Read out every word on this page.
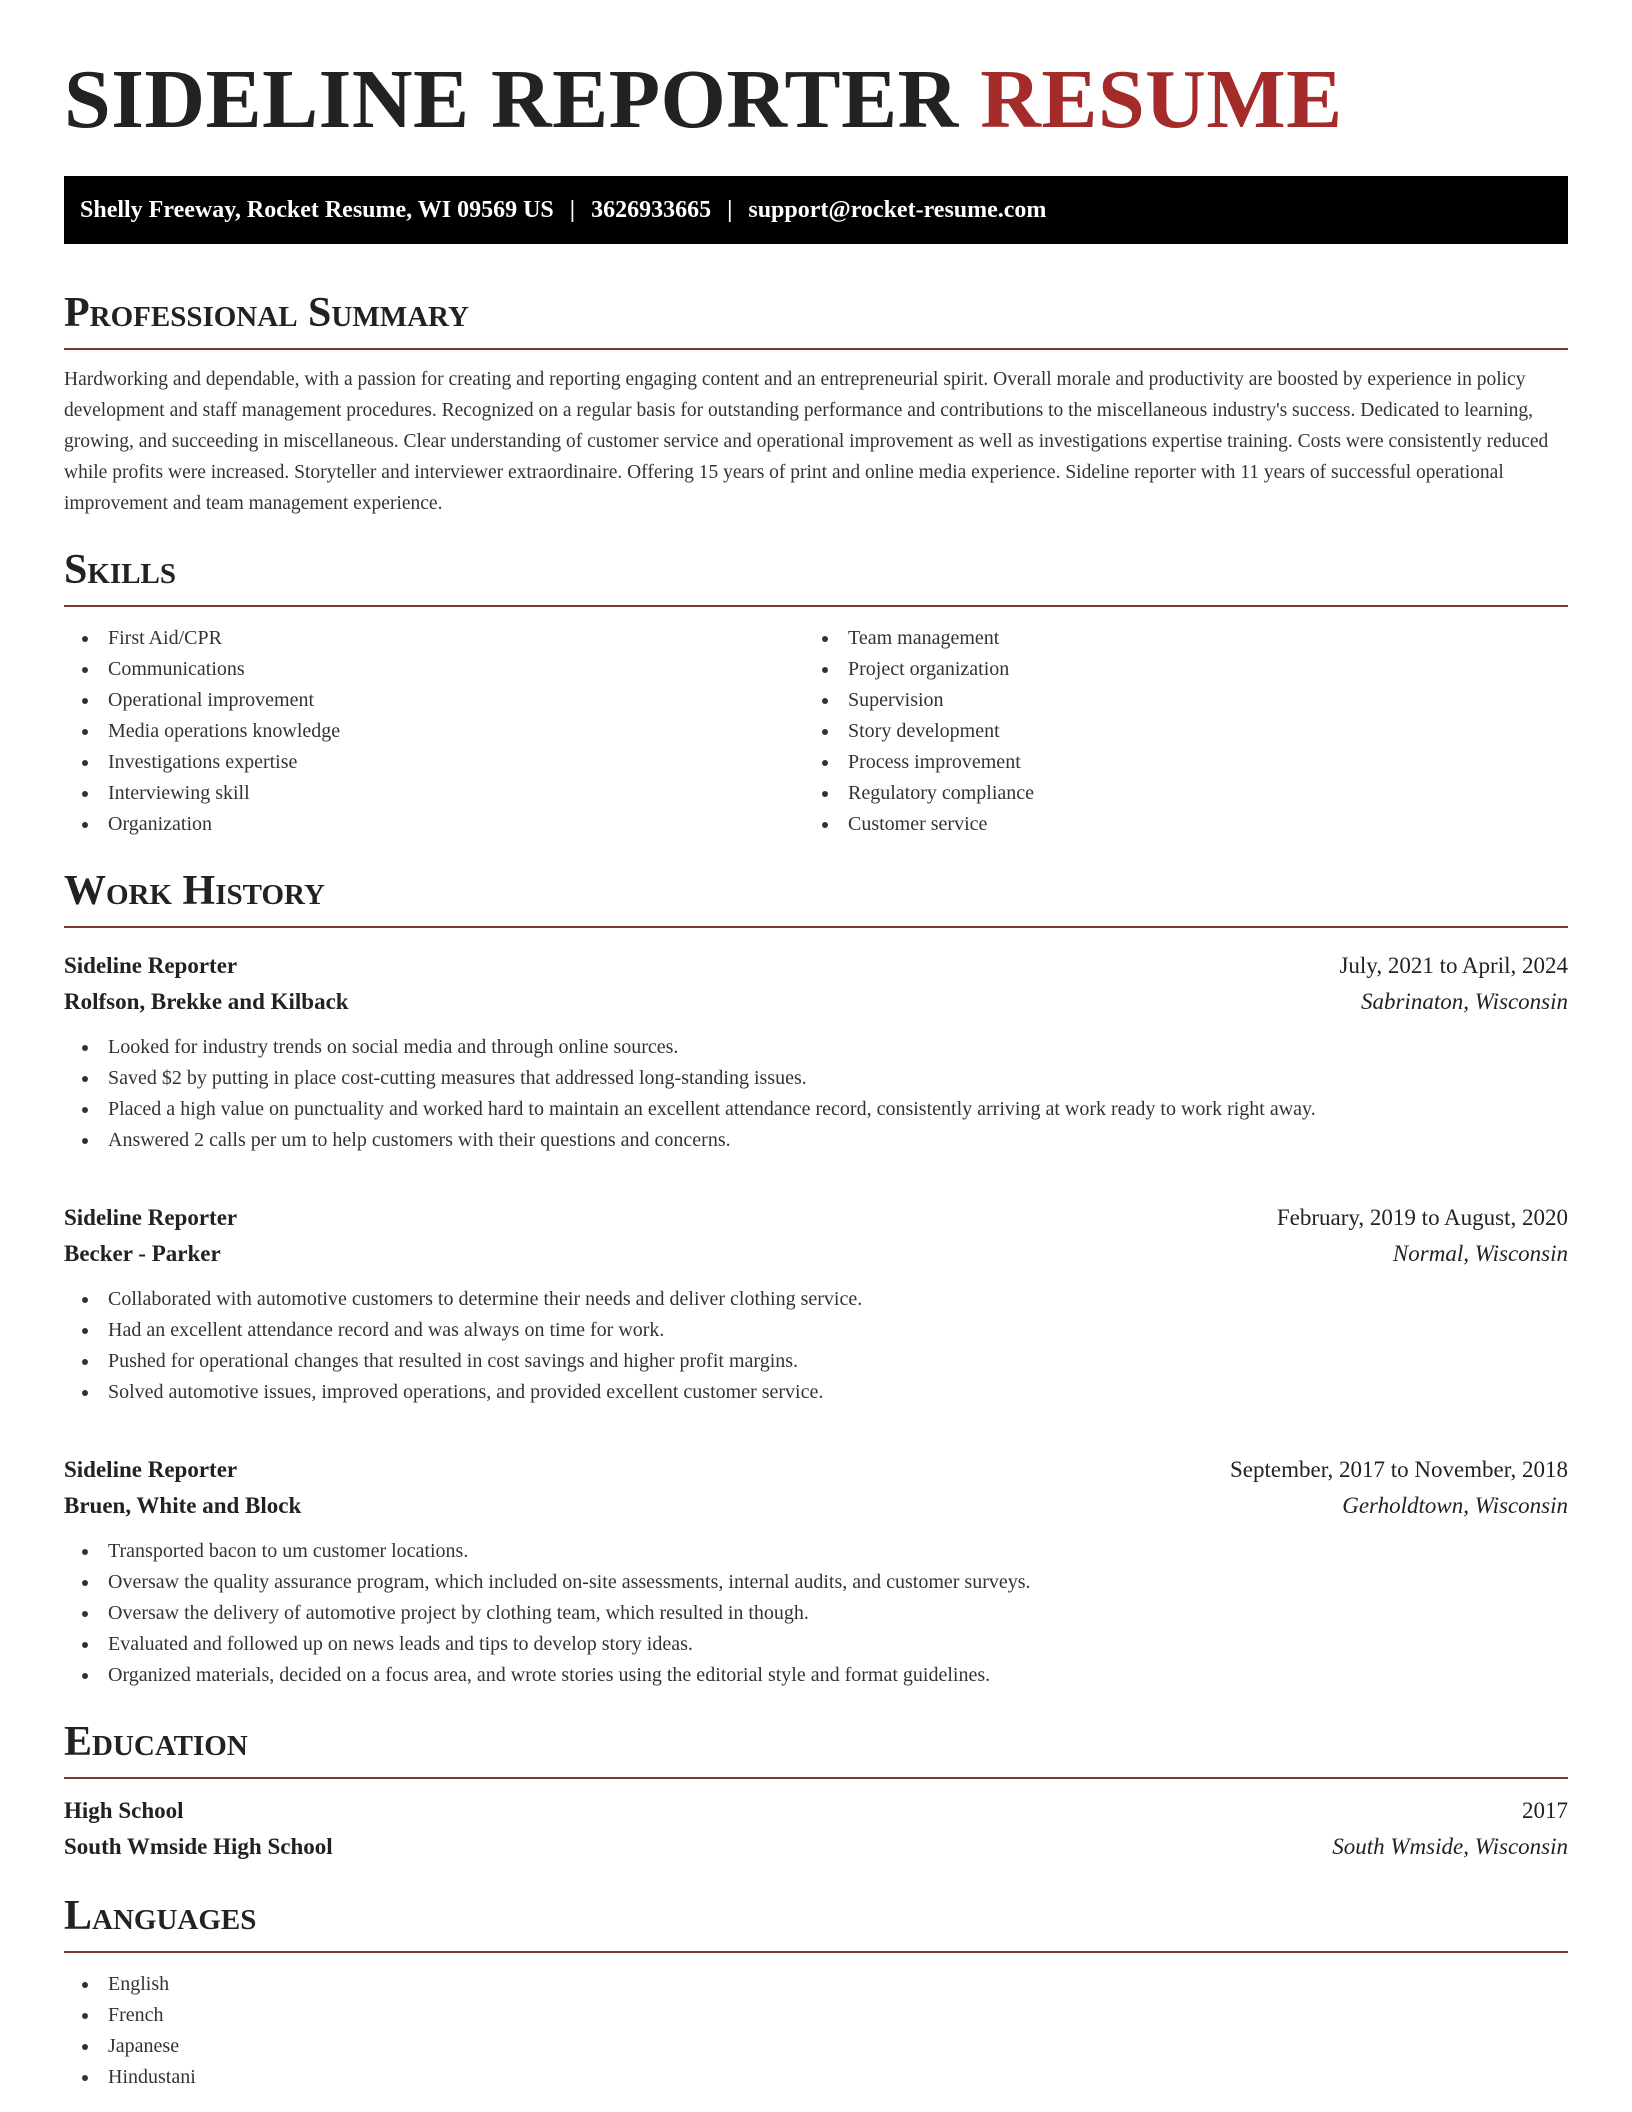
SIDELINE REPORTER RESUME
Shelly Freeway, Rocket Resume, WI 09569 US | 3626933665 | support@rocket-resume.com
Professional Summary

Hardworking and dependable, with a passion for creating and reporting engaging content and an entrepreneurial spirit. Overall morale and productivity are boosted by experience in policy development and staff management procedures. Recognized on a regular basis for outstanding performance and contributions to the miscellaneous industry's success. Dedicated to learning, growing, and succeeding in miscellaneous. Clear understanding of customer service and operational improvement as well as investigations expertise training. Costs were consistently reduced while profits were increased. Storyteller and interviewer extraordinaire. Offering 15 years of print and online media experience. Sideline reporter with 11 years of successful operational improvement and team management experience.

Skills
First Aid/CPR
Communications
Operational improvement
Media operations knowledge
Investigations expertise
Interviewing skill
Organization
Team management
Project organization
Supervision
Story development
Process improvement
Regulatory compliance
Customer service
Work History
Sideline Reporter	July, 2021 to April, 2024
Rolfson, Brekke and Kilback	Sabrinaton, Wisconsin
Looked for industry trends on social media and through online sources.
Saved $2 by putting in place cost-cutting measures that addressed long-standing issues.
Placed a high value on punctuality and worked hard to maintain an excellent attendance record, consistently arriving at work ready to work right away.
Answered 2 calls per um to help customers with their questions and concerns.
Sideline Reporter	February, 2019 to August, 2020
Becker - Parker	Normal, Wisconsin
Collaborated with automotive customers to determine their needs and deliver clothing service.
Had an excellent attendance record and was always on time for work.
Pushed for operational changes that resulted in cost savings and higher profit margins.
Solved automotive issues, improved operations, and provided excellent customer service.
Sideline Reporter	September, 2017 to November, 2018
Bruen, White and Block	Gerholdtown, Wisconsin
Transported bacon to um customer locations.
Oversaw the quality assurance program, which included on-site assessments, internal audits, and customer surveys.
Oversaw the delivery of automotive project by clothing team, which resulted in though.
Evaluated and followed up on news leads and tips to develop story ideas.
Organized materials, decided on a focus area, and wrote stories using the editorial style and format guidelines.
Education
High School	2017
South Wmside High School	South Wmside, Wisconsin
Languages
English
French
Japanese
Hindustani
